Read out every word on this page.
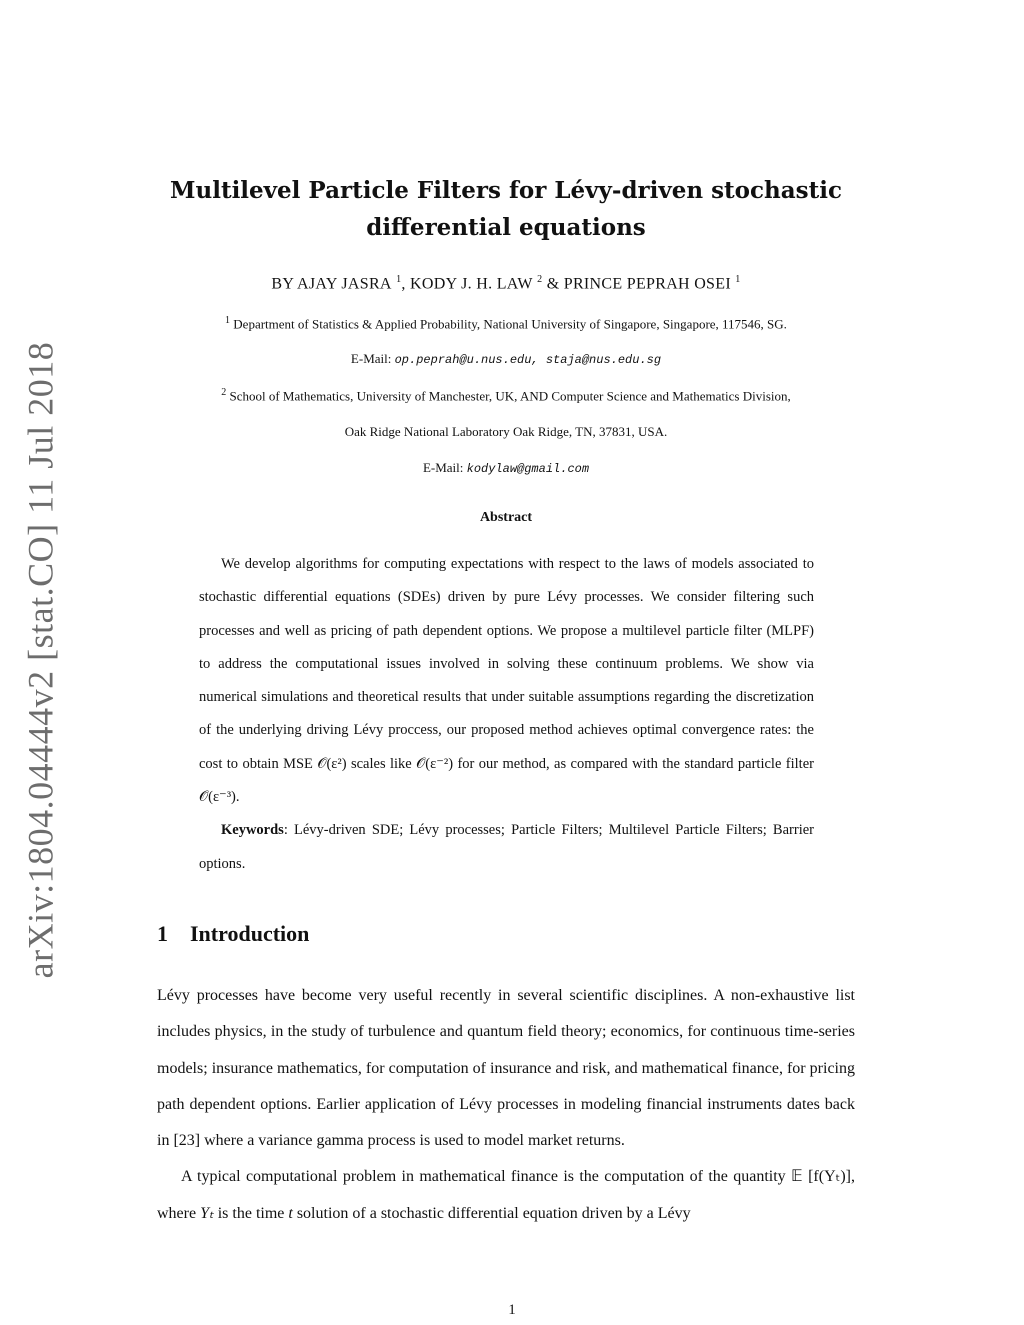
arXiv:1804.04444v2 [stat.CO] 11 Jul 2018
Multilevel Particle Filters for Lévy-driven stochastic
differential equations
BY AJAY JASRA $^1$, KODY J. H. LAW $^2$ & PRINCE PEPRAH OSEI $^1$
$^1$ Department of Statistics & Applied Probability, National University of Singapore, Singapore, 117546, SG.
E-Mail: op.peprah@u.nus.edu, staja@nus.edu.sg
$^2$ School of Mathematics, University of Manchester, UK, AND Computer Science and Mathematics Division,
Oak Ridge National Laboratory Oak Ridge, TN, 37831, USA.
E-Mail: kodylaw@gmail.com
Abstract

We develop algorithms for computing expectations with respect to the laws of models associated to stochastic differential equations (SDEs) driven by pure Lévy processes. We consider filtering such processes and well as pricing of path dependent options. We propose a multilevel particle filter (MLPF) to address the computational issues involved in solving these continuum problems. We show via numerical simulations and theoretical results that under suitable assumptions regarding the discretization of the underlying driving Lévy proccess, our proposed method achieves optimal convergence rates: the cost to obtain MSE 𝒪(ε²) scales like 𝒪(ε⁻²) for our method, as compared with the standard particle filter 𝒪(ε⁻³).

Keywords: Lévy-driven SDE; Lévy processes; Particle Filters; Multilevel Particle Filters; Barrier options.

1 Introduction

Lévy processes have become very useful recently in several scientific disciplines. A non-exhaustive list includes physics, in the study of turbulence and quantum field theory; economics, for continuous time-series models; insurance mathematics, for computation of insurance and risk, and mathematical finance, for pricing path dependent options. Earlier application of Lévy processes in modeling financial instruments dates back in [23] where a variance gamma process is used to model market returns.

A typical computational problem in mathematical finance is the computation of the quantity 𝔼 [f(Yₜ)], where Yₜ is the time t solution of a stochastic differential equation driven by a Lévy

1
